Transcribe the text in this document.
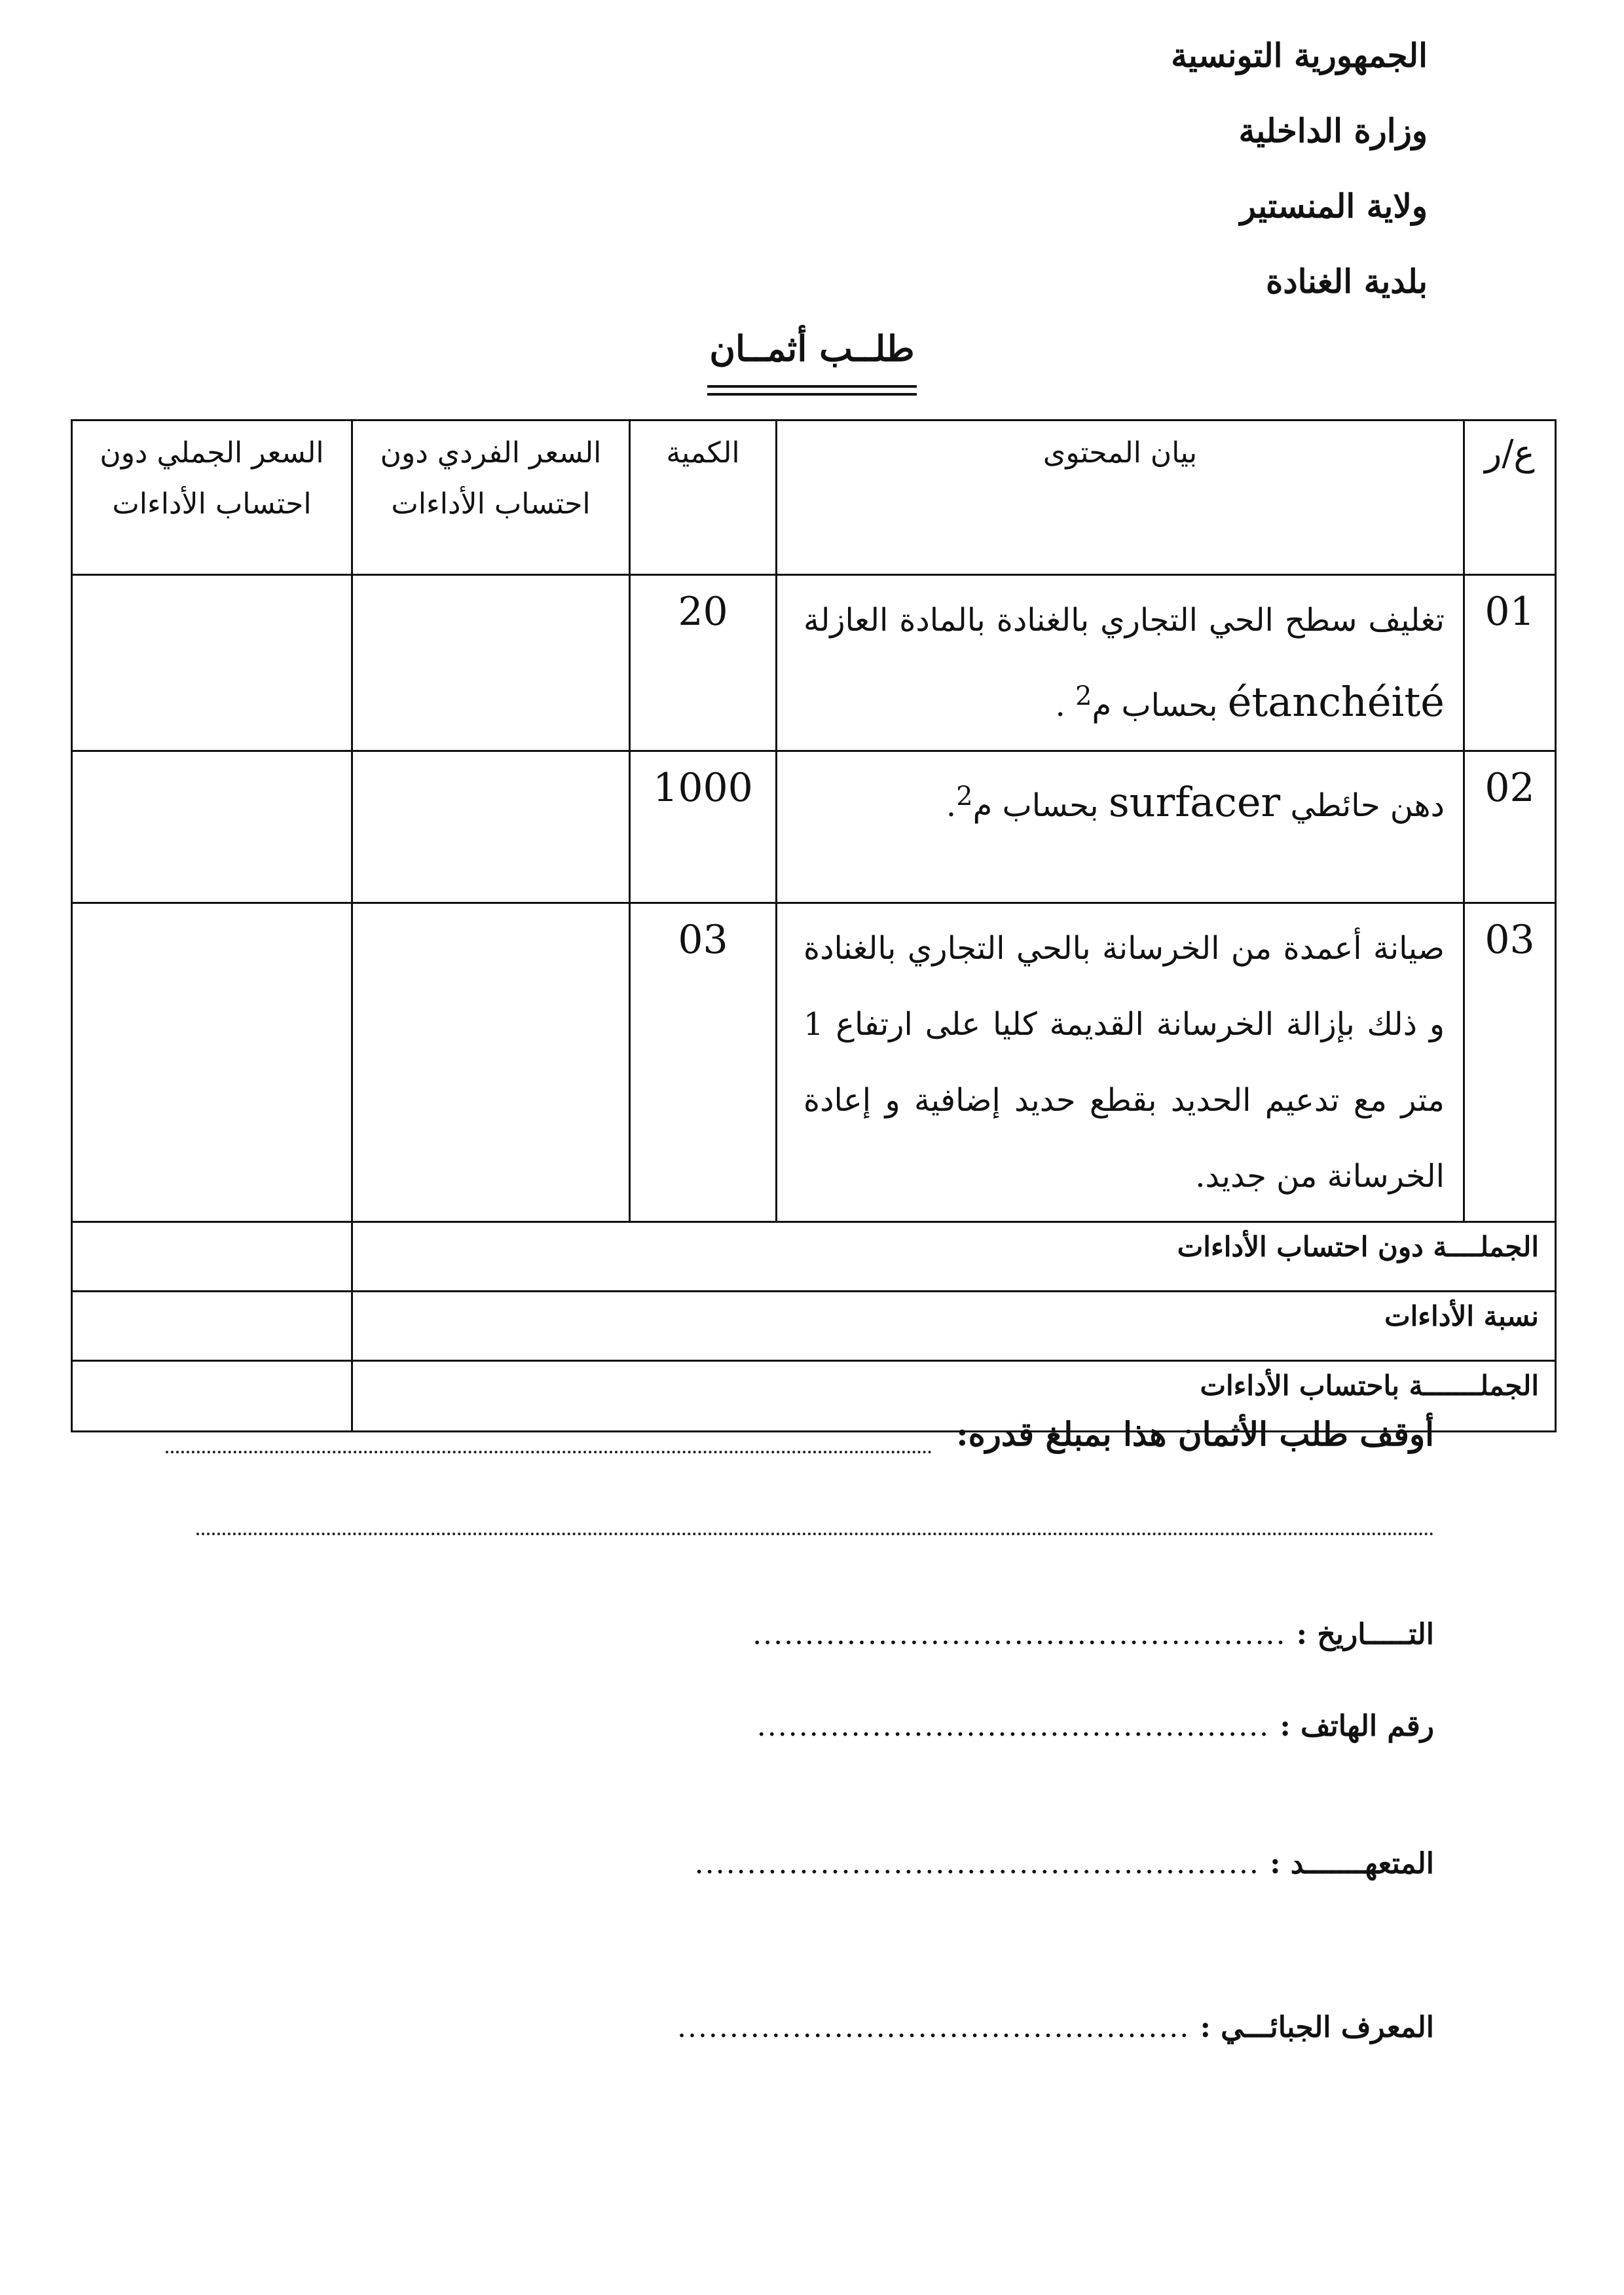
الجمهورية التونسية
وزارة الداخلية
ولاية المنستير
بلدية الغنادة
طلــب أثمــان
ع/ر	بيان المحتوى	الكمية	السعر الفردي دون احتساب الأداءات	السعر الجملي دون احتساب الأداءات
01	تغليف سطح الحي التجاري بالغنادة بالمادة العازلة étanchéité بحساب م$^2$ .	20		
02	دهن حائطي surfacer بحساب م$^2$.	1000		
03	صيانة أعمدة من الخرسانة بالحي التجاري بالغنادة و ذلك بإزالة الخرسانة القديمة كليا على ارتفاع 1 متر مع تدعيم الحديد بقطع حديد إضافية و إعادة الخرسانة من جديد.	03		
الجملــــة دون احتساب الأداءات				
نسبة الأداءات				
الجملـــــــة باحتساب الأداءات				
أوقف طلب الأثمان هذا بمبلغ قدره:
التـــــاريخ : ...................................................
رقم الهاتف : .................................................
المتعهـــــــد : ......................................................
المعرف الجبائـــي : .................................................
